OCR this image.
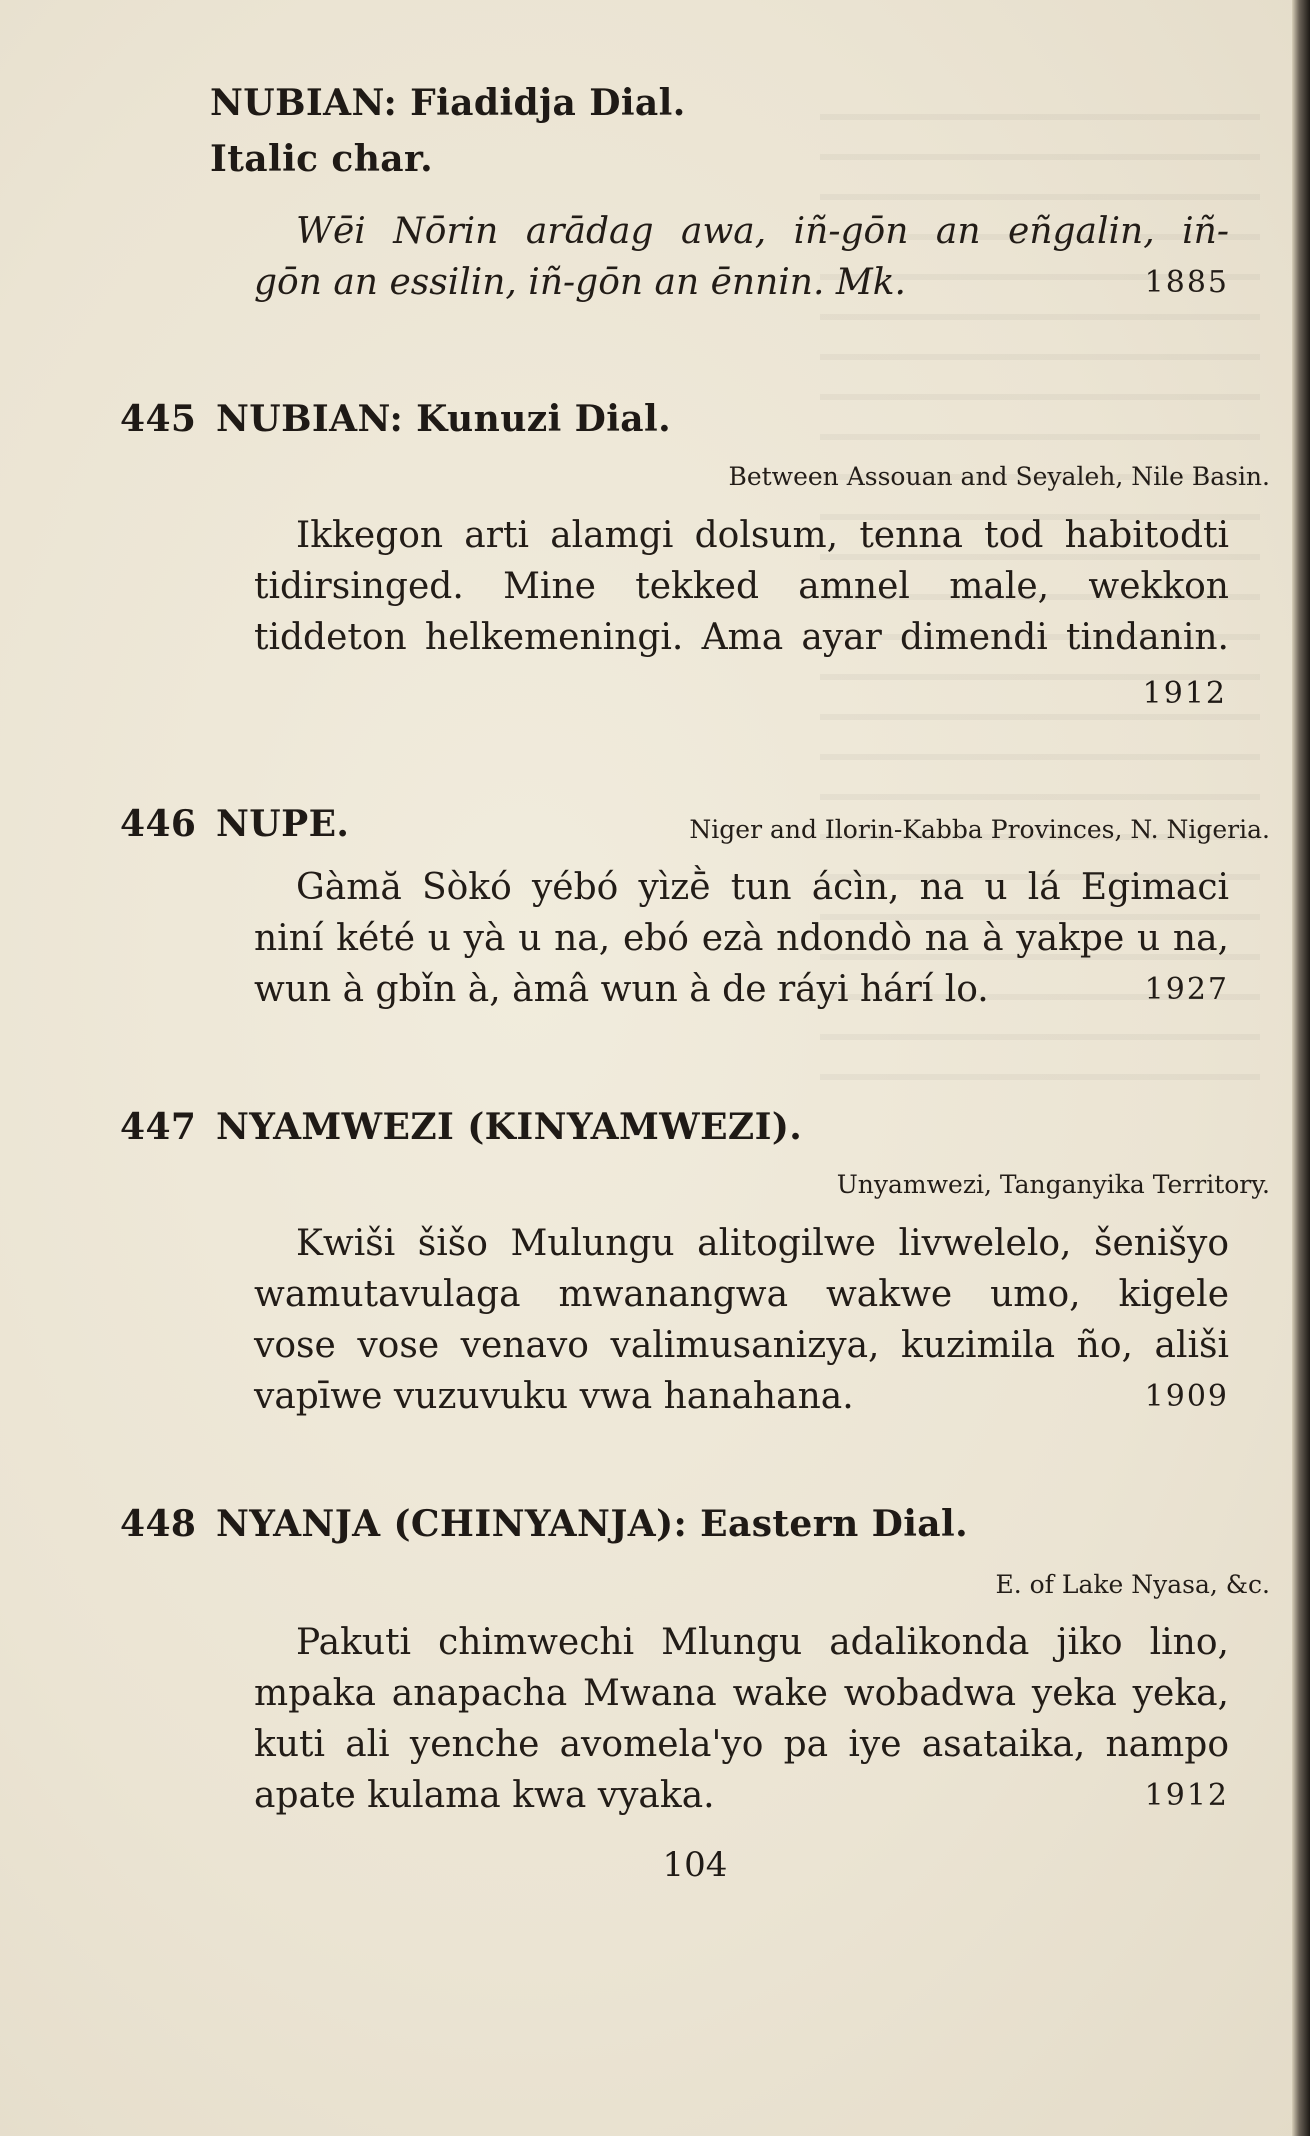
NUBIAN: Fiadidja Dial.
Italic char.
Wēi Nōrin arādag awa, iñ-gōn an eñgalin, iñ-
gōn an essilin, iñ-gōn an ēnnin. Mk.	1885
445 NUBIAN: Kunuzi Dial.
Between Assouan and Seyaleh, Nile Basin.
Ikkegon arti alamgi dolsum, tenna tod habitodti
tidirsinged. Mine tekked amnel male, wekkon
tiddeton helkemeningi. Ama ayar dimendi tindanin.
1912
446 NUPE.	Niger and Ilorin-Kabba Provinces, N. Nigeria.
Gàmă Sòkó yébó yìzḕ tun ácìn, na u lá Egimaci
niní kété u yà u na, ebó ezà ndondò na à yakpe u na,
wun à gbǐn à, àmâ wun à de ráyi hárí lo.	1927
447 NYAMWEZI (KINYAMWEZI).
Unyamwezi, Tanganyika Territory.
Kwiši šišo Mulungu alitogilwe livwelelo, šenišyo
wamutavulaga mwanangwa wakwe umo, kigele
vose vose venavo valimusanizya, kuzimila ño, ališi
vapīwe vuzuvuku vwa hanahana.	1909
448 NYANJA (CHINYANJA): Eastern Dial.
E. of Lake Nyasa, &c.
Pakuti chimwechi Mlungu adalikonda jiko lino,
mpaka anapacha Mwana wake wobadwa yeka yeka,
kuti ali yenche avomela'yo pa iye asataika, nampo
apate kulama kwa vyaka.	1912
104
